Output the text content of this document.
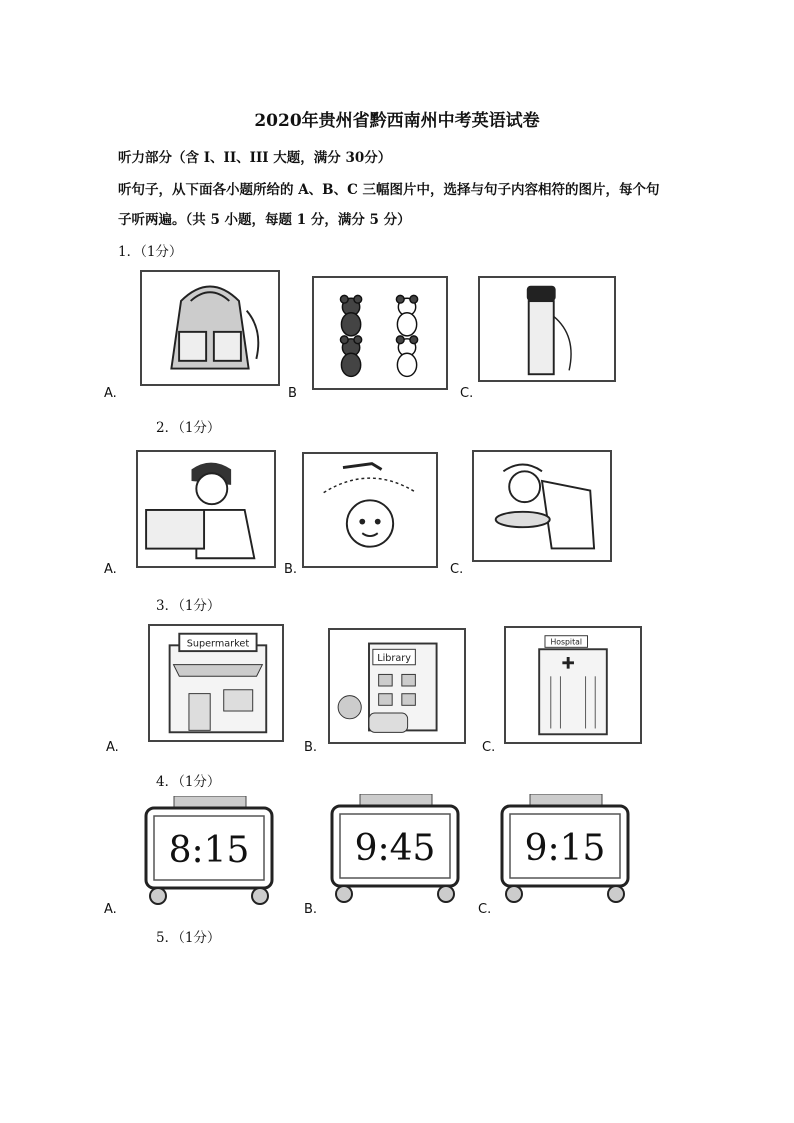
2020年贵州省黔西南州中考英语试卷
听力部分（含 I、II、III 大题，满分 30分）
听句子，从下面各小题所给的 A、B、C 三幅图片中，选择与句子内容相符的图片，每个句
子听两遍。（共 5 小题，每题 1 分，满分 5 分）
1．（1分）
A.	B	C.
2．（1分）
A.	B.	C.
3．（1分）
Supermarket
A.
Library
B.
Hospital
C.
4．（1分）
8:15
A.
9:45
B.
9:15
C.
5．（1分）
